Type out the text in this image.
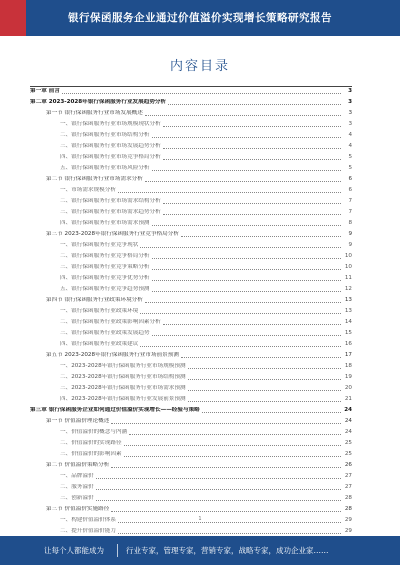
银行保函服务企业通过价值溢价实现增长策略研究报告
内容目录
第一章 前言	3
第二章 2023-2028年银行保函服务行业发展趋势分析	3
第一节 银行保函服务行业市场发展概述	3
一、银行保函服务行业市场规模现状分析	3
二、银行保函服务行业市场结构分析	4
三、银行保函服务行业市场发展趋势分析	4
四、银行保函服务行业市场竞争格局分析	5
五、银行保函服务行业市场风险分析	5
第二节 银行保函服务行业市场需求分析	6
一、市场需求规模分析	6
二、银行保函服务行业市场需求结构分析	7
三、银行保函服务行业市场需求趋势分析	7
四、银行保函服务行业市场需求预测	8
第三节 2023-2028年银行保函服务行业竞争格局分析	9
一、银行保函服务行业竞争现状	9
二、银行保函服务行业竞争格局分析	10
三、银行保函服务行业竞争策略分析	10
四、银行保函服务行业竞争优势分析	11
五、银行保函服务行业竞争趋势预测	12
第四节 银行保函服务行业政策环境分析	13
一、银行保函服务行业政策环境	13
二、银行保函服务行业政策影响因素分析	14
三、银行保函服务行业政策发展趋势	15
四、银行保函服务行业政策建议	16
第五节 2023-2028年银行保函服务行业市场前景预测	17
一、2023-2028年银行保函服务行业市场规模预测	18
二、2023-2028年银行保函服务行业市场结构预测	19
三、2023-2028年银行保函服务行业市场需求预测	20
四、2023-2028年银行保函服务行业发展前景预测	21
第三章 银行保函服务企业如何通过价值溢价实现增长——经验与策略	24
第一节 价值溢价理论概述	24
一、价值溢价的概念与内涵	24
二、价值溢价的实现路径	25
三、价值溢价的影响因素	25
第二节 价值溢价策略分析	26
一、品牌溢价	27
二、服务溢价	27
三、创新溢价	28
第三节 价值溢价实施路径	28
一、构建价值溢价体系	29
二、提升价值溢价能力	29
1
让每个人都能成为	行业专家，管理专家，营销专家，战略专家，成功企业家……
